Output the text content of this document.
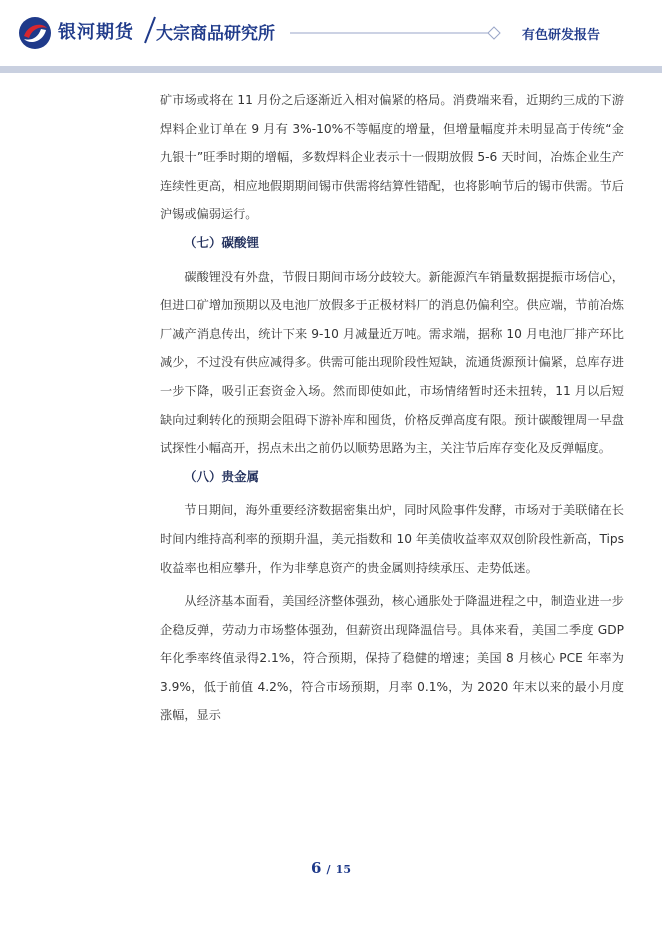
银河期货 大宗商品研究所	有色研发报告

矿市场或将在 11 月份之后逐渐近入相对偏紧的格局。消费端来看，近期约三成的下游焊料企业订单在 9 月有 3%-10%不等幅度的增量，但增量幅度并未明显高于传统“金九银十”旺季时期的增幅，多数焊料企业表示十一假期放假 5-6 天时间，冶炼企业生产连续性更高，相应地假期期间锡市供需将结算性错配，也将影响节后的锡市供需。节后沪锡或偏弱运行。

（七）碳酸锂

碳酸锂没有外盘，节假日期间市场分歧较大。新能源汽车销量数据提振市场信心，但进口矿增加预期以及电池厂放假多于正极材料厂的消息仍偏利空。供应端，节前冶炼厂减产消息传出，统计下来 9-10 月减量近万吨。需求端，据称 10 月电池厂排产环比减少，不过没有供应减得多。供需可能出现阶段性短缺，流通货源预计偏紧，总库存进一步下降，吸引正套资金入场。然而即使如此，市场情绪暂时还未扭转，11 月以后短缺向过剩转化的预期会阻碍下游补库和囤货，价格反弹高度有限。预计碳酸锂周一早盘试探性小幅高开，拐点未出之前仍以顺势思路为主，关注节后库存变化及反弹幅度。

（八）贵金属

节日期间，海外重要经济数据密集出炉，同时风险事件发酵，市场对于美联储在长时间内维持高利率的预期升温，美元指数和 10 年美债收益率双双创阶段性新高，Tips 收益率也相应攀升，作为非孳息资产的贵金属则持续承压、走势低迷。

从经济基本面看，美国经济整体强劲，核心通胀处于降温进程之中，制造业进一步企稳反弹，劳动力市场整体强劲，但薪资出现降温信号。具体来看，美国二季度 GDP 年化季率终值录得2.1%，符合预期，保持了稳健的增速；美国 8 月核心 PCE 年率为 3.9%，低于前值 4.2%，符合市场预期，月率 0.1%，为 2020 年末以来的最小月度涨幅，显示

6 / 15
